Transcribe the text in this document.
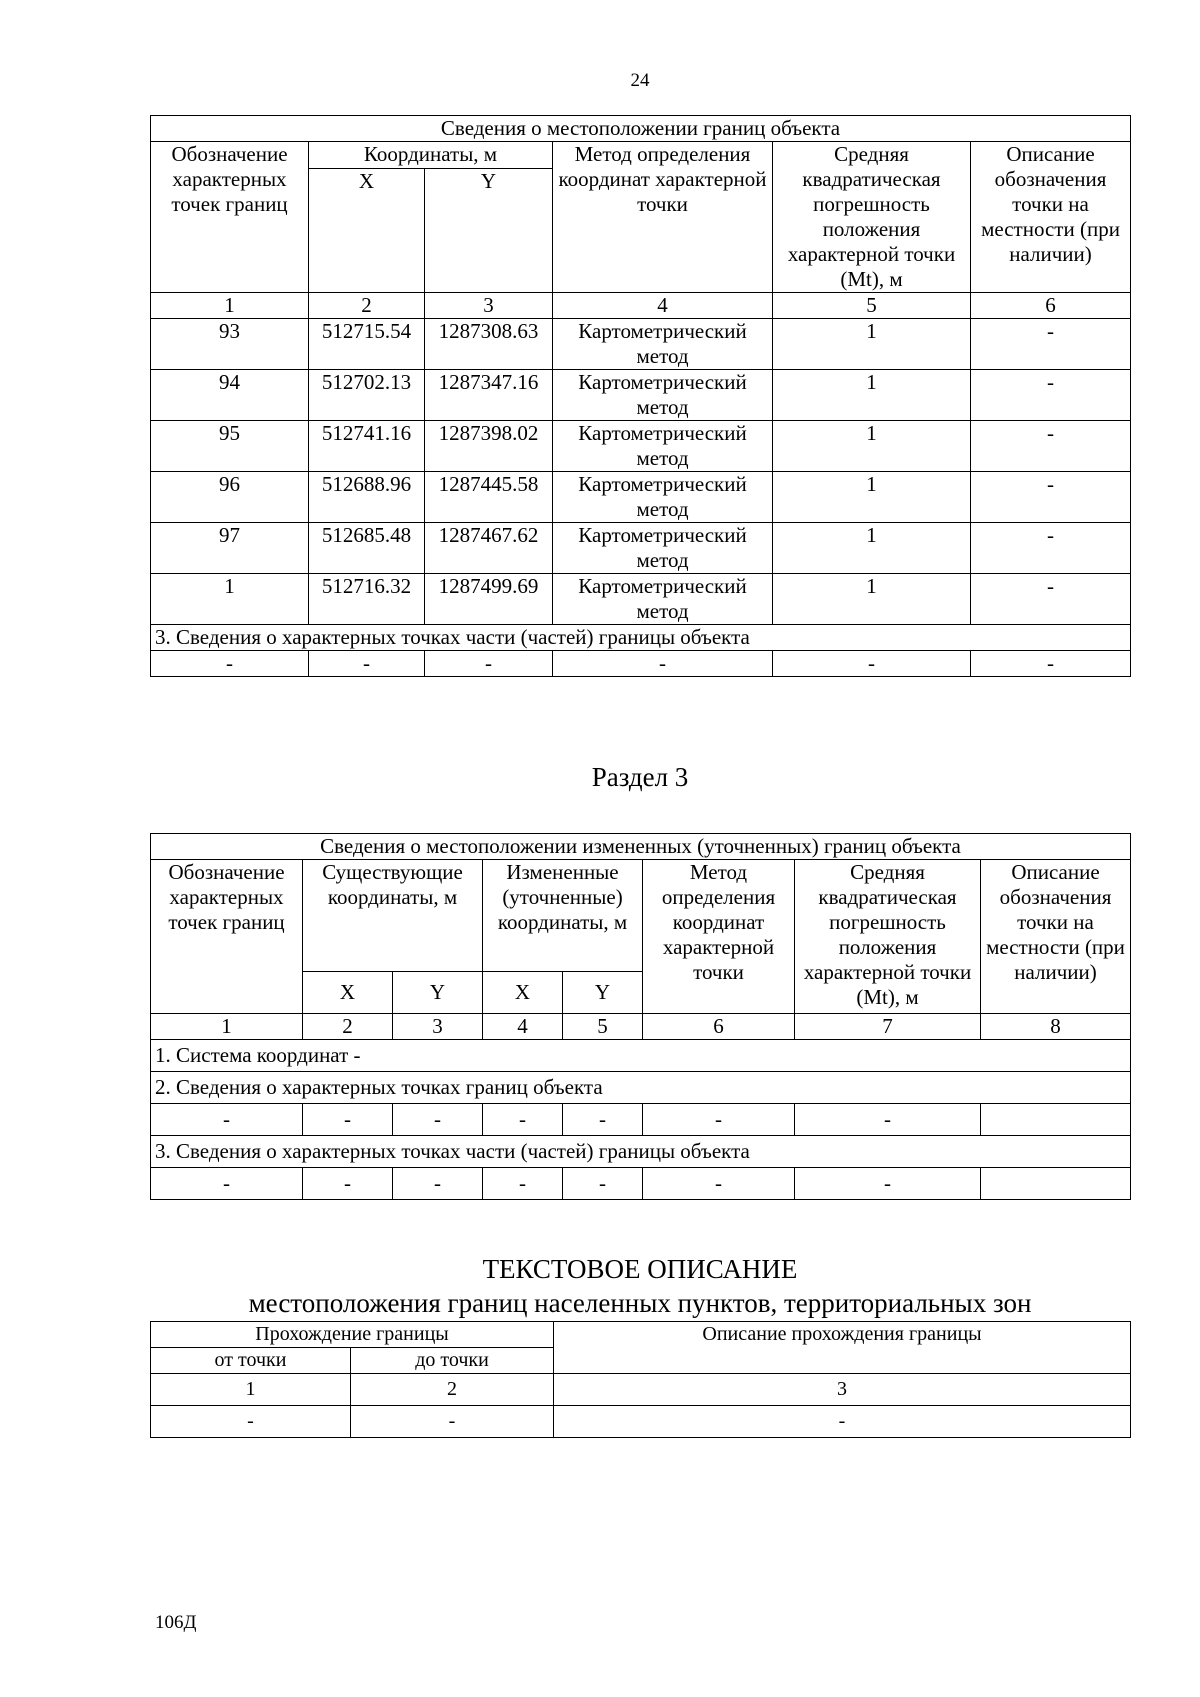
24
Сведения о местоположении границ объекта					
Обозначение характерных точек границ	Координаты, м		Метод определения координат характерной точки	Средняя квадратическая погрешность положения характерной точки (Mt), м	Описание обозначения точки на местности (при наличии)
	X	Y			
1	2	3	4	5	6
93	512715.54	1287308.63	Картометрический метод	1	-
94	512702.13	1287347.16	Картометрический метод	1	-
95	512741.16	1287398.02	Картометрический метод	1	-
96	512688.96	1287445.58	Картометрический метод	1	-
97	512685.48	1287467.62	Картометрический метод	1	-
1	512716.32	1287499.69	Картометрический метод	1	-
3. Сведения о характерных точках части (частей) границы объекта					
-	-	-	-	-	-
Раздел 3
Сведения о местоположении измененных (уточненных) границ объекта							
Обозначение характерных точек границ	Существующие координаты, м		Измененные (уточненные) координаты, м		Метод определения координат характерной точки	Средняя квадратическая погрешность положения характерной точки (Mt), м	Описание обозначения точки на местности (при наличии)
	X	Y	X	Y			
1	2	3	4	5	6	7	8
1. Система координат -							
2. Сведения о характерных точках границ объекта							
-	-	-	-	-	-	-	
3. Сведения о характерных точках части (частей) границы объекта							
-	-	-	-	-	-	-	
ТЕКСТОВОЕ ОПИСАНИЕ
местоположения границ населенных пунктов, территориальных зон
Прохождение границы		Описание прохождения границы
от точки	до точки	
1	2	3
-	-	-
106Д
